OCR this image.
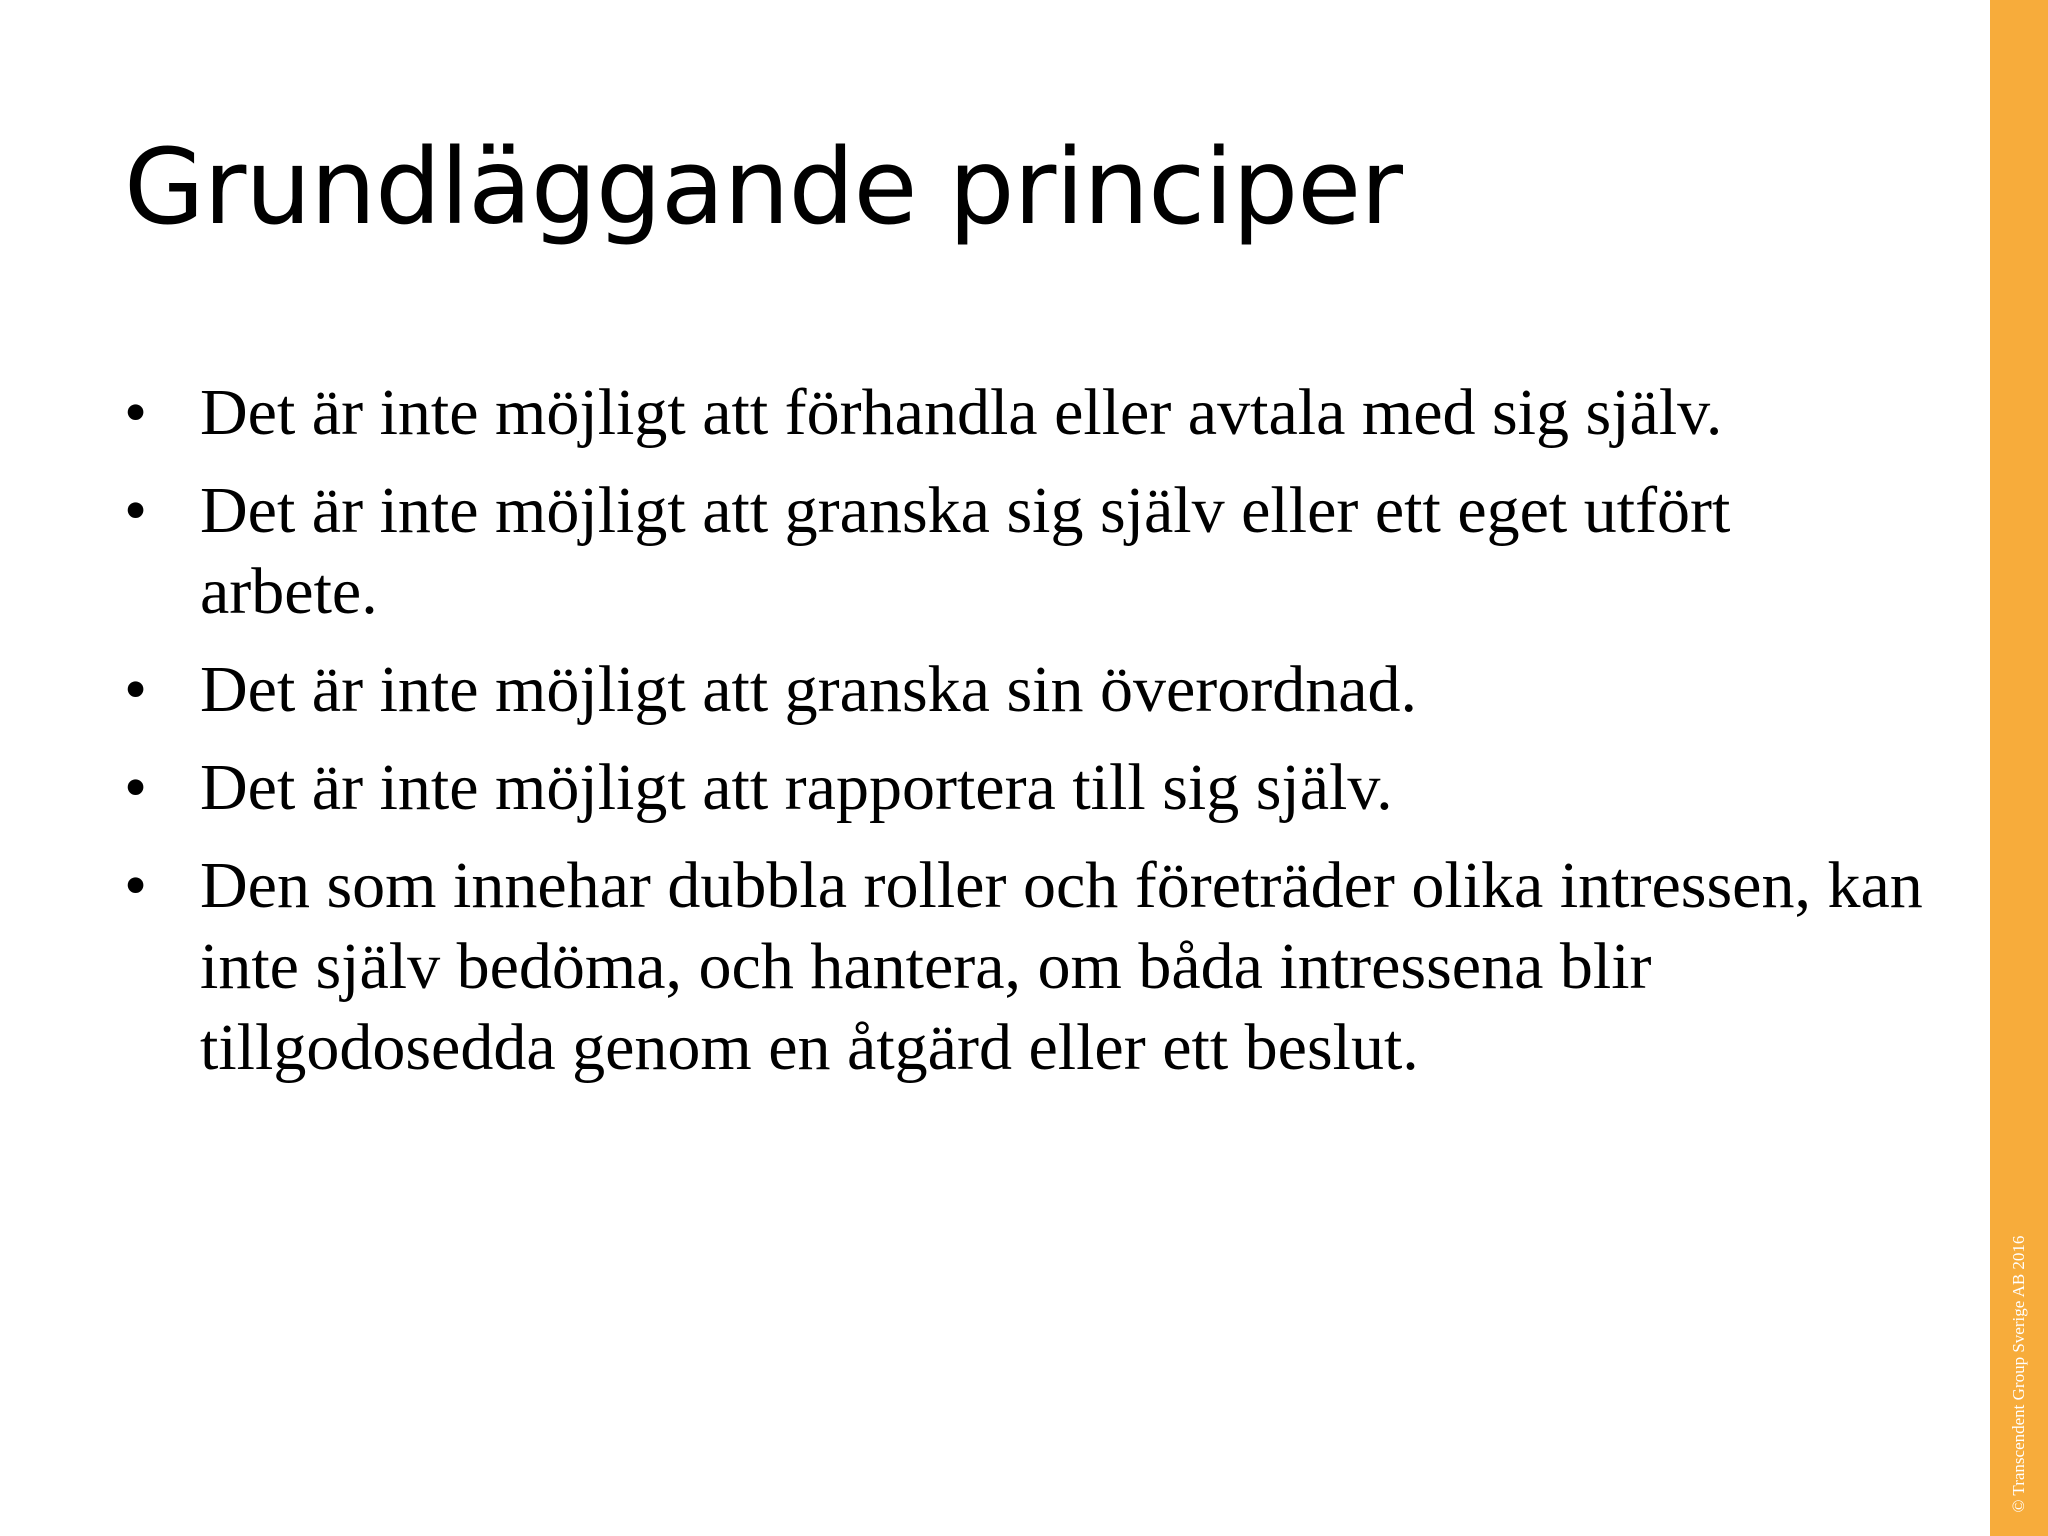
Grundläggande principer
• Det är inte möjligt att förhandla eller avtala med sig själv.
• Det är inte möjligt att granska sig själv eller ett eget utfört arbete.
• Det är inte möjligt att granska sin överordnad.
• Det är inte möjligt att rapportera till sig själv.
• Den som innehar dubbla roller och företräder olika intressen, kan inte själv bedöma, och hantera, om båda intressena blir tillgodosedda genom en åtgärd eller ett beslut.
© Transcendent Group Sverige AB 2016
